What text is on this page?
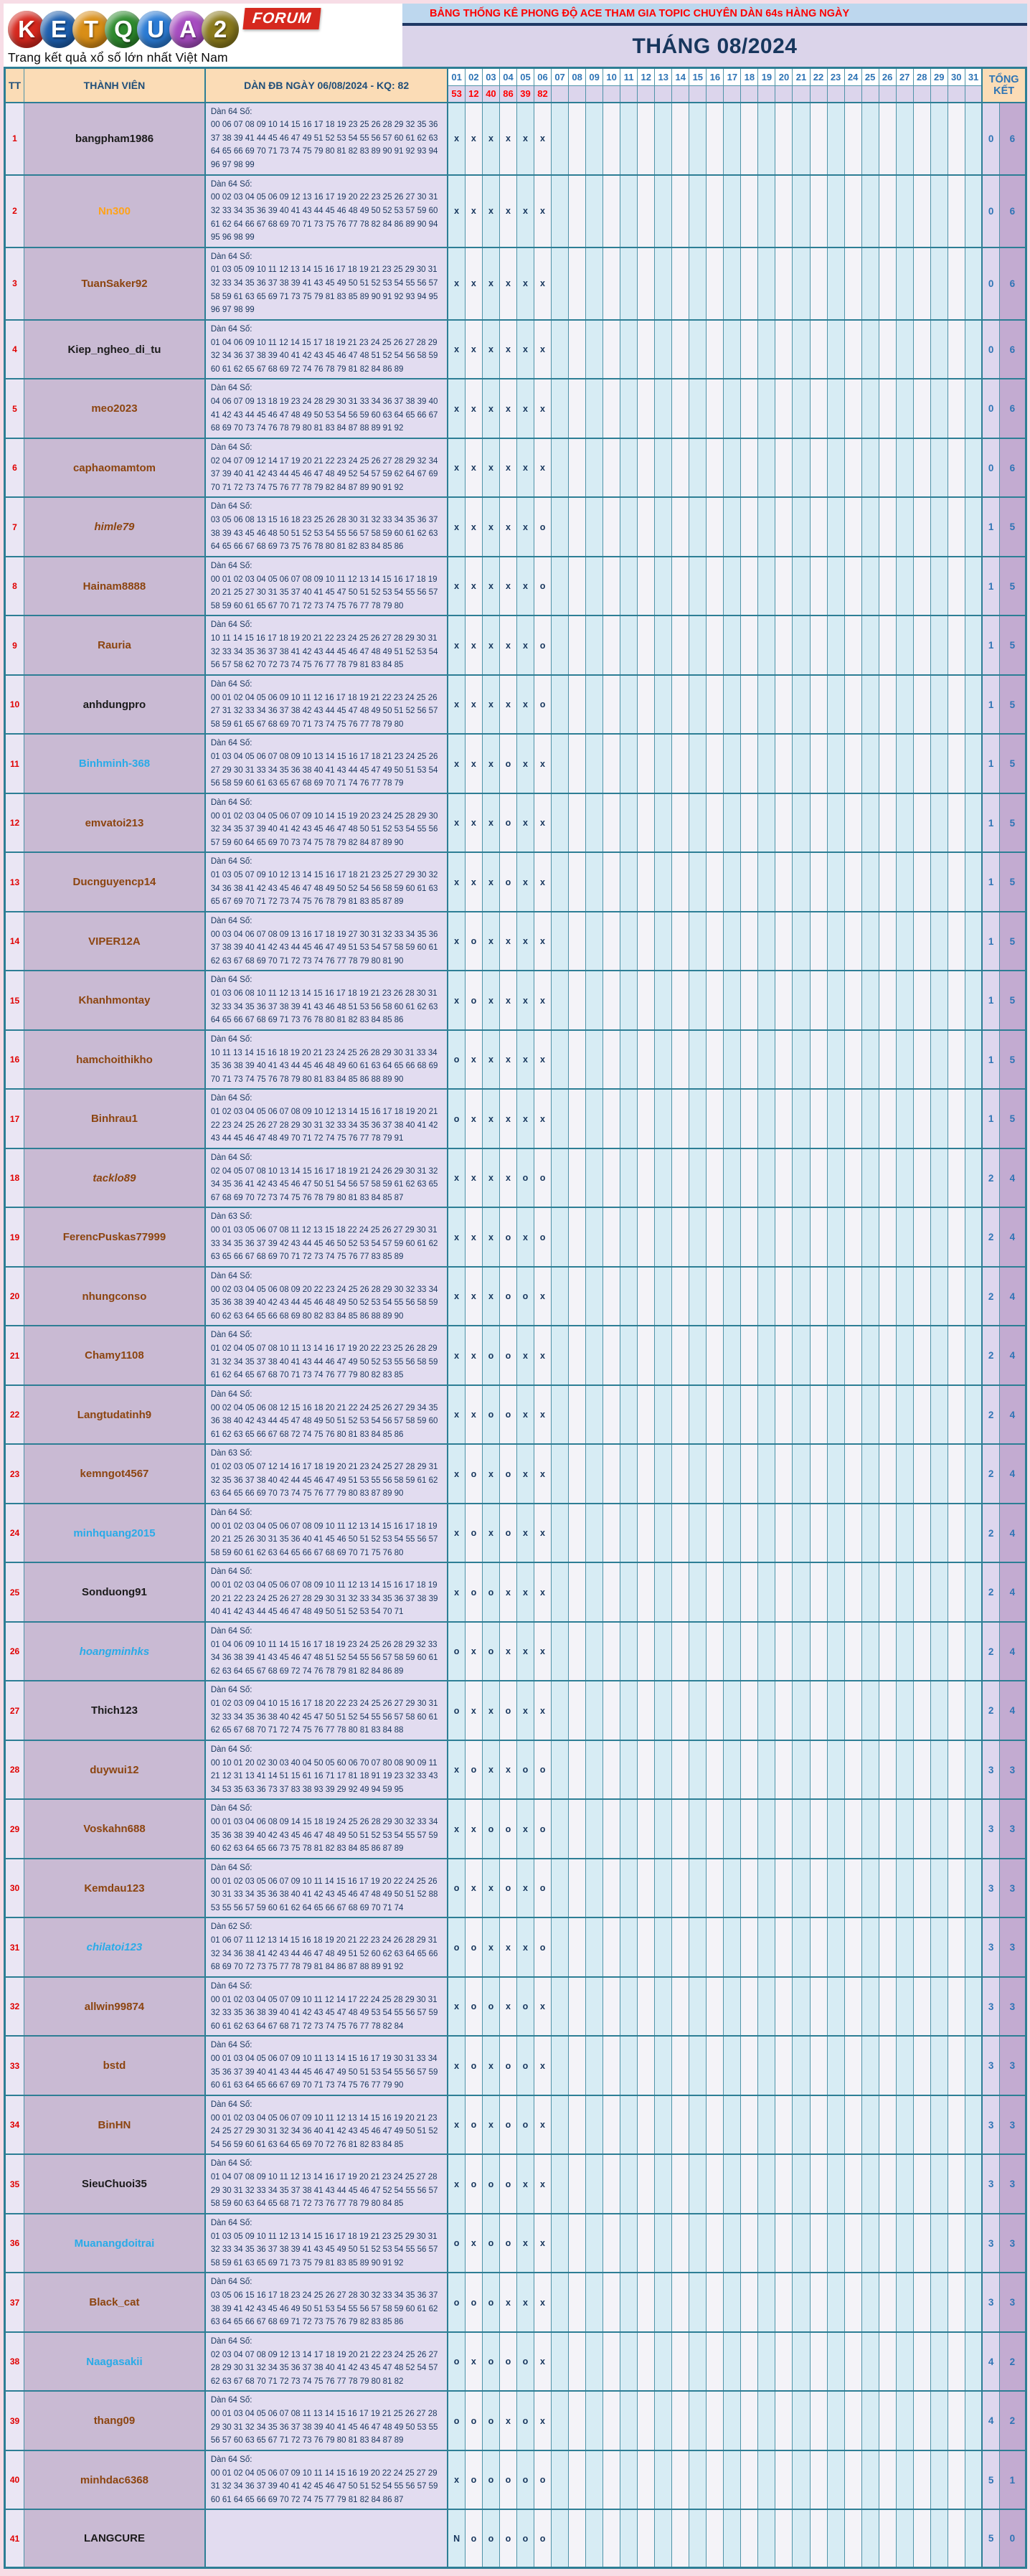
K E T Q U A 2	FORUM
Trang kết quả xổ số lớn nhất Việt Nam
BẢNG THỐNG KÊ PHONG ĐỘ ACE THAM GIA TOPIC CHUYÊN DÀN 64s HÀNG NGÀY
THÁNG 08/2024
TT	THÀNH VIÊN	DÀN ĐB NGÀY 06/08/2024 - KQ: 82	01	02	03	04	05	06	07	08	09	10	11	12	13	14	15	16	17	18	19	20	21	22	23	24	25	26	27	28	29	30	31	TỔNG KẾT	
			53	12	40	86	39	82																											
1	bangpham1986	Dàn 64 Số:
00 06 07 08 09 10 14 15 16 17 18 19 23 25 26 28 29 32 35 36 37 38 39 41 44 45 46 47 49 51 52 53 54 55 56 57 60 61 62 63 64 65 66 69 70 71 73 74 75 79 80 81 82 83 89 90 91 92 93 94 96 97 98 99	x	x	x	x	x	x																										0	6
2	Nn300	Dàn 64 Số:
00 02 03 04 05 06 09 12 13 16 17 19 20 22 23 25 26 27 30 31 32 33 34 35 36 39 40 41 43 44 45 46 48 49 50 52 53 57 59 60 61 62 64 66 67 68 69 70 71 73 75 76 77 78 82 84 86 89 90 94 95 96 98 99	x	x	x	x	x	x																										0	6
3	TuanSaker92	Dàn 64 Số:
01 03 05 09 10 11 12 13 14 15 16 17 18 19 21 23 25 29 30 31 32 33 34 35 36 37 38 39 41 43 45 49 50 51 52 53 54 55 56 57 58 59 61 63 65 69 71 73 75 79 81 83 85 89 90 91 92 93 94 95 96 97 98 99	x	x	x	x	x	x																										0	6
4	Kiep_ngheo_di_tu	Dàn 64 Số:
01 04 06 09 10 11 12 14 15 17 18 19 21 23 24 25 26 27 28 29 32 34 36 37 38 39 40 41 42 43 45 46 47 48 51 52 54 56 58 59 60 61 62 65 67 68 69 72 74 76 78 79 81 82 84 86 89	x	x	x	x	x	x																										0	6
5	meo2023	Dàn 64 Số:
04 06 07 09 13 18 19 23 24 28 29 30 31 33 34 36 37 38 39 40 41 42 43 44 45 46 47 48 49 50 53 54 56 59 60 63 64 65 66 67 68 69 70 73 74 76 78 79 80 81 83 84 87 88 89 91 92	x	x	x	x	x	x																										0	6
6	caphaomamtom	Dàn 64 Số:
02 04 07 09 12 14 17 19 20 21 22 23 24 25 26 27 28 29 32 34 37 39 40 41 42 43 44 45 46 47 48 49 52 54 57 59 62 64 67 69 70 71 72 73 74 75 76 77 78 79 82 84 87 89 90 91 92	x	x	x	x	x	x																										0	6
7	himle79	Dàn 64 Số:
03 05 06 08 13 15 16 18 23 25 26 28 30 31 32 33 34 35 36 37 38 39 43 45 46 48 50 51 52 53 54 55 56 57 58 59 60 61 62 63 64 65 66 67 68 69 73 75 76 78 80 81 82 83 84 85 86	x	x	x	x	x	o																										1	5
8	Hainam8888	Dàn 64 Số:
00 01 02 03 04 05 06 07 08 09 10 11 12 13 14 15 16 17 18 19 20 21 25 27 30 31 35 37 40 41 45 47 50 51 52 53 54 55 56 57 58 59 60 61 65 67 70 71 72 73 74 75 76 77 78 79 80	x	x	x	x	x	o																										1	5
9	Rauria	Dàn 64 Số:
10 11 14 15 16 17 18 19 20 21 22 23 24 25 26 27 28 29 30 31 32 33 34 35 36 37 38 41 42 43 44 45 46 47 48 49 51 52 53 54 56 57 58 62 70 72 73 74 75 76 77 78 79 81 83 84 85	x	x	x	x	x	o																										1	5
10	anhdungpro	Dàn 64 Số:
00 01 02 04 05 06 09 10 11 12 16 17 18 19 21 22 23 24 25 26 27 31 32 33 34 36 37 38 42 43 44 45 47 48 49 50 51 52 56 57 58 59 61 65 67 68 69 70 71 73 74 75 76 77 78 79 80	x	x	x	x	x	o																										1	5
11	Binhminh-368	Dàn 64 Số:
01 03 04 05 06 07 08 09 10 13 14 15 16 17 18 21 23 24 25 26 27 29 30 31 33 34 35 36 38 40 41 43 44 45 47 49 50 51 53 54 56 58 59 60 61 63 65 67 68 69 70 71 74 76 77 78 79	x	x	x	o	x	x																										1	5
12	emvatoi213	Dàn 64 Số:
00 01 02 03 04 05 06 07 09 10 14 15 19 20 23 24 25 28 29 30 32 34 35 37 39 40 41 42 43 45 46 47 48 50 51 52 53 54 55 56 57 59 60 64 65 69 70 73 74 75 78 79 82 84 87 89 90	x	x	x	o	x	x																										1	5
13	Ducnguyencp14	Dàn 64 Số:
01 03 05 07 09 10 12 13 14 15 16 17 18 21 23 25 27 29 30 32 34 36 38 41 42 43 45 46 47 48 49 50 52 54 56 58 59 60 61 63 65 67 69 70 71 72 73 74 75 76 78 79 81 83 85 87 89	x	x	x	o	x	x																										1	5
14	VIPER12A	Dàn 64 Số:
00 03 04 06 07 08 09 13 16 17 18 19 27 30 31 32 33 34 35 36 37 38 39 40 41 42 43 44 45 46 47 49 51 53 54 57 58 59 60 61 62 63 67 68 69 70 71 72 73 74 76 77 78 79 80 81 90	x	o	x	x	x	x																										1	5
15	Khanhmontay	Dàn 64 Số:
01 03 06 08 10 11 12 13 14 15 16 17 18 19 21 23 26 28 30 31 32 33 34 35 36 37 38 39 41 43 46 48 51 53 56 58 60 61 62 63 64 65 66 67 68 69 71 73 76 78 80 81 82 83 84 85 86	x	o	x	x	x	x																										1	5
16	hamchoithikho	Dàn 64 Số:
10 11 13 14 15 16 18 19 20 21 23 24 25 26 28 29 30 31 33 34 35 36 38 39 40 41 43 44 45 46 48 49 60 61 63 64 65 66 68 69 70 71 73 74 75 76 78 79 80 81 83 84 85 86 88 89 90	o	x	x	x	x	x																										1	5
17	Binhrau1	Dàn 64 Số:
01 02 03 04 05 06 07 08 09 10 12 13 14 15 16 17 18 19 20 21 22 23 24 25 26 27 28 29 30 31 32 33 34 35 36 37 38 40 41 42 43 44 45 46 47 48 49 70 71 72 74 75 76 77 78 79 91	o	x	x	x	x	x																										1	5
18	tacklo89	Dàn 64 Số:
02 04 05 07 08 10 13 14 15 16 17 18 19 21 24 26 29 30 31 32 34 35 36 41 42 43 45 46 47 50 51 54 56 57 58 59 61 62 63 65 67 68 69 70 72 73 74 75 76 78 79 80 81 83 84 85 87	x	x	x	x	o	o																										2	4
19	FerencPuskas77999	Dàn 63 Số:
00 01 03 05 06 07 08 11 12 13 15 18 22 24 25 26 27 29 30 31 33 34 35 36 37 39 42 43 44 45 46 50 52 53 54 57 59 60 61 62 63 65 66 67 68 69 70 71 72 73 74 75 76 77 83 85 89	x	x	x	o	x	o																										2	4
20	nhungconso	Dàn 64 Số:
00 02 03 04 05 06 08 09 20 22 23 24 25 26 28 29 30 32 33 34 35 36 38 39 40 42 43 44 45 46 48 49 50 52 53 54 55 56 58 59 60 62 63 64 65 66 68 69 80 82 83 84 85 86 88 89 90	x	x	x	o	o	x																										2	4
21	Chamy1108	Dàn 64 Số:
01 02 04 05 07 08 10 11 13 14 16 17 19 20 22 23 25 26 28 29 31 32 34 35 37 38 40 41 43 44 46 47 49 50 52 53 55 56 58 59 61 62 64 65 67 68 70 71 73 74 76 77 79 80 82 83 85	x	x	o	o	x	x																										2	4
22	Langtudatinh9	Dàn 64 Số:
00 02 04 05 06 08 12 15 16 18 20 21 22 24 25 26 27 29 34 35 36 38 40 42 43 44 45 47 48 49 50 51 52 53 54 56 57 58 59 60 61 62 63 65 66 67 68 72 74 75 76 80 81 83 84 85 86	x	x	o	o	x	x																										2	4
23	kemngot4567	Dàn 63 Số:
01 02 03 05 07 12 14 16 17 18 19 20 21 23 24 25 27 28 29 31 32 35 36 37 38 40 42 44 45 46 47 49 51 53 55 56 58 59 61 62 63 64 65 66 69 70 73 74 75 76 77 79 80 83 87 89 90	x	o	x	o	x	x																										2	4
24	minhquang2015	Dàn 64 Số:
00 01 02 03 04 05 06 07 08 09 10 11 12 13 14 15 16 17 18 19 20 21 25 26 30 31 35 36 40 41 45 46 50 51 52 53 54 55 56 57 58 59 60 61 62 63 64 65 66 67 68 69 70 71 75 76 80	x	o	x	o	x	x																										2	4
25	Sonduong91	Dàn 64 Số:
00 01 02 03 04 05 06 07 08 09 10 11 12 13 14 15 16 17 18 19 20 21 22 23 24 25 26 27 28 29 30 31 32 33 34 35 36 37 38 39 40 41 42 43 44 45 46 47 48 49 50 51 52 53 54 70 71	x	o	o	x	x	x																										2	4
26	hoangminhks	Dàn 64 Số:
01 04 06 09 10 11 14 15 16 17 18 19 23 24 25 26 28 29 32 33 34 36 38 39 41 43 45 46 47 48 51 52 54 55 56 57 58 59 60 61 62 63 64 65 67 68 69 72 74 76 78 79 81 82 84 86 89	o	x	o	x	x	x																										2	4
27	Thich123	Dàn 64 Số:
01 02 03 09 04 10 15 16 17 18 20 22 23 24 25 26 27 29 30 31 32 33 34 35 36 38 40 42 45 47 50 51 52 54 55 56 57 58 60 61 62 65 67 68 70 71 72 74 75 76 77 78 80 81 83 84 88	o	x	x	o	x	x																										2	4
28	duywui12	Dàn 64 Số:
00 10 01 20 02 30 03 40 04 50 05 60 06 70 07 80 08 90 09 11 21 12 31 13 41 14 51 15 61 16 71 17 81 18 91 19 23 32 33 43 34 53 35 63 36 73 37 83 38 93 39 29 92 49 94 59 95	x	o	x	x	o	o																										3	3
29	Voskahn688	Dàn 64 Số:
00 01 03 04 06 08 09 14 15 18 19 24 25 26 28 29 30 32 33 34 35 36 38 39 40 42 43 45 46 47 48 49 50 51 52 53 54 55 57 59 60 62 63 64 65 66 73 75 78 81 82 83 84 85 86 87 89	x	x	o	o	x	o																										3	3
30	Kemdau123	Dàn 64 Số:
00 01 02 03 05 06 07 09 10 11 14 15 16 17 19 20 22 24 25 26 30 31 33 34 35 36 38 40 41 42 43 45 46 47 48 49 50 51 52 88 53 55 56 57 59 60 61 62 64 65 66 67 68 69 70 71 74	o	x	x	o	x	o																										3	3
31	chilatoi123	Dàn 62 Số:
01 06 07 11 12 13 14 15 16 18 19 20 21 22 23 24 26 28 29 31 32 34 36 38 41 42 43 44 46 47 48 49 51 52 60 62 63 64 65 66 68 69 70 72 73 75 77 78 79 81 84 86 87 88 89 91 92	o	o	x	x	x	o																										3	3
32	allwin99874	Dàn 64 Số:
00 01 02 03 04 05 07 09 10 11 12 14 17 22 24 25 28 29 30 31 32 33 35 36 38 39 40 41 42 43 45 47 48 49 53 54 55 56 57 59 60 61 62 63 64 67 68 71 72 73 74 75 76 77 78 82 84	x	o	o	x	o	x																										3	3
33	bstd	Dàn 64 Số:
00 01 03 04 05 06 07 09 10 11 13 14 15 16 17 19 30 31 33 34 35 36 37 39 40 41 43 44 45 46 47 49 50 51 53 54 55 56 57 59 60 61 63 64 65 66 67 69 70 71 73 74 75 76 77 79 90	x	o	x	o	o	x																										3	3
34	BinHN	Dàn 64 Số:
00 01 02 03 04 05 06 07 09 10 11 12 13 14 15 16 19 20 21 23 24 25 27 29 30 31 32 34 36 40 41 42 43 45 46 47 49 50 51 52 54 56 59 60 61 63 64 65 69 70 72 76 81 82 83 84 85	x	o	x	o	o	x																										3	3
35	SieuChuoi35	Dàn 64 Số:
01 04 07 08 09 10 11 12 13 14 16 17 19 20 21 23 24 25 27 28 29 30 31 32 33 34 35 37 38 41 43 44 45 46 47 52 54 55 56 57 58 59 60 63 64 65 68 71 72 73 76 77 78 79 80 84 85	x	o	o	o	x	x																										3	3
36	Muanangdoitrai	Dàn 64 Số:
01 03 05 09 10 11 12 13 14 15 16 17 18 19 21 23 25 29 30 31 32 33 34 35 36 37 38 39 41 43 45 49 50 51 52 53 54 55 56 57 58 59 61 63 65 69 71 73 75 79 81 83 85 89 90 91 92	o	x	o	o	x	x																										3	3
37	Black_cat	Dàn 64 Số:
03 05 06 15 16 17 18 23 24 25 26 27 28 30 32 33 34 35 36 37 38 39 41 42 43 45 46 49 50 51 53 54 55 56 57 58 59 60 61 62 63 64 65 66 67 68 69 71 72 73 75 76 79 82 83 85 86	o	o	o	x	x	x																										3	3
38	Naagasakii	Dàn 64 Số:
02 03 04 07 08 09 12 13 14 17 18 19 20 21 22 23 24 25 26 27 28 29 30 31 32 34 35 36 37 38 40 41 42 43 45 47 48 52 54 57 62 63 67 68 70 71 72 73 74 75 76 77 78 79 80 81 82	o	x	o	o	o	x																										4	2
39	thang09	Dàn 64 Số:
00 01 03 04 05 06 07 08 11 13 14 15 16 17 19 21 25 26 27 28 29 30 31 32 34 35 36 37 38 39 40 41 45 46 47 48 49 50 53 55 56 57 60 63 65 67 71 72 73 76 79 80 81 83 84 87 89	o	o	o	x	o	x																										4	2
40	minhdac6368	Dàn 64 Số:
00 01 02 04 05 06 07 09 10 11 14 15 16 19 20 22 24 25 27 29 31 32 34 36 37 39 40 41 42 45 46 47 50 51 52 54 55 56 57 59 60 61 64 65 66 69 70 72 74 75 77 79 81 82 84 86 87	x	o	o	o	o	o																										5	1
41	LANGCURE		N	o	o	o	o	o																										5	0
